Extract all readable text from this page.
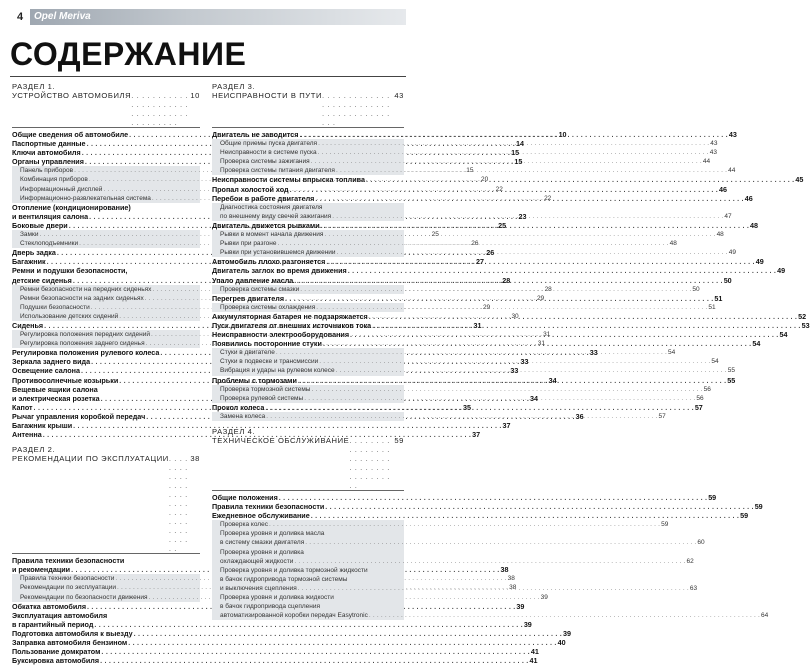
4	Opel Meriva
СОДЕРЖАНИЕ
РАЗДЕЛ 1.
УСТРОЙСТВО АВТОМОБИЛЯ . . .	10
Общие сведения об автомобиле . . .	10
Паспортные данные . . .	14
Ключи автомобиля . . .	15
Органы управления . . .	15
Панель приборов . . .	15
Комбинация приборов . . .	20
Информационный дисплей . . .	22
Информационно-развлекательная система . . .	22
Отопление (кондиционирование)
и вентиляция салона . . .	23
Боковые двери . . .	25
Замки . . .	25
Стеклоподъемники . . .	26
Дверь задка . . .	26
Багажник . . .	27
Ремни и подушки безопасности,
детские сиденья . . .	28
Ремни безопасности на передних сиденьях . . .	28
Ремни безопасности на задних сиденьях . . .	29
Подушки безопасности . . .	29
Использование детских сидений . . .	30
Сиденья . . .	31
Регулировка положения передних сидений . . .	31
Регулировка положения заднего сиденья . . .	31
Регулировка положения рулевого колеса . . .	33
Зеркала заднего вида . . .	33
Освещение салона . . .	33
Противосолнечные козырьки . . .	34
Вещевые ящики салона
и электрическая розетка . . .	34
Капот . . .	35
Рычаг управления коробкой передач . . .	36
Багажник крыши . . .	37
Антенна . . .	37
РАЗДЕЛ 2.
РЕКОМЕНДАЦИИ ПО ЭКСПЛУАТАЦИИ . . .	38
Правила техники безопасности
и рекомендации . . .	38
Правила техники безопасности . . .	38
Рекомендации по эксплуатации . . .	38
Рекомендации по безопасности движения . . .	39
Обкатка автомобиля . . .	39
Эксплуатация автомобиля
в гарантийный период . . .	39
Подготовка автомобиля к выезду . . .	39
Заправка автомобиля бензином . . .	40
Пользование домкратом . . .	41
Буксировка автомобиля . . .	41
РАЗДЕЛ 3.
НЕИСПРАВНОСТИ В ПУТИ . . .	43
Двигатель не заводится . . .	43
Общие приемы пуска двигателя . . .	43
Неисправности в системе пуска . . .	43
Проверка системы зажигания . . .	44
Проверка системы питания двигателя . . .	44
Неисправности системы впрыска топлива . . .	45
Пропал холостой ход . . .	46
Перебои в работе двигателя . . .	46
Диагностика состояния двигателя
по внешнему виду свечей зажигания . . .	47
Двигатель движется рывками . . .	48
Рывки в момент начала движения . . .	48
Рывки при разгоне . . .	48
Рывки при установившемся движении . . .	49
Автомобиль плохо разгоняется . . .	49
Двигатель заглох во время движения . . .	49
Упало давление масла . . .	50
Проверка системы смазки . . .	50
Перегрев двигателя . . .	51
Проверка системы охлаждения . . .	51
Аккумуляторная батарея не подзаряжается . . .	52
Пуск двигателя от внешних источников тока . . .	53
Неисправности электрооборудования . . .	54
Появились посторонние стуки . . .	54
Стуки в двигателе . . .	54
Стуки в подвеске и трансмиссии . . .	54
Вибрация и удары на рулевом колесе . . .	55
Проблемы с тормозами . . .	55
Проверка тормозной системы . . .	56
Проверка рулевой системы . . .	56
Прокол колеса . . .	57
Замена колеса . . .	57
РАЗДЕЛ 4.
ТЕХНИЧЕСКОЕ ОБСЛУЖИВАНИЕ . . .	59
Общие положения . . .	59
Правила техники безопасности . . .	59
Ежедневное обслуживание . . .	59
Проверка колес . . .	59
Проверка уровня и доливка масла
в систему смазки двигателя . . .	60
Проверка уровня и доливка
охлаждающей жидкости . . .	62
Проверка уровня и доливка тормозной жидкости
в бачок гидропривода тормозной системы
и выключения сцепления . . .	63
Проверка уровня и доливка жидкости
в бачок гидропривода сцепления
автоматизированной коробки передач Easytronic . . .	64
